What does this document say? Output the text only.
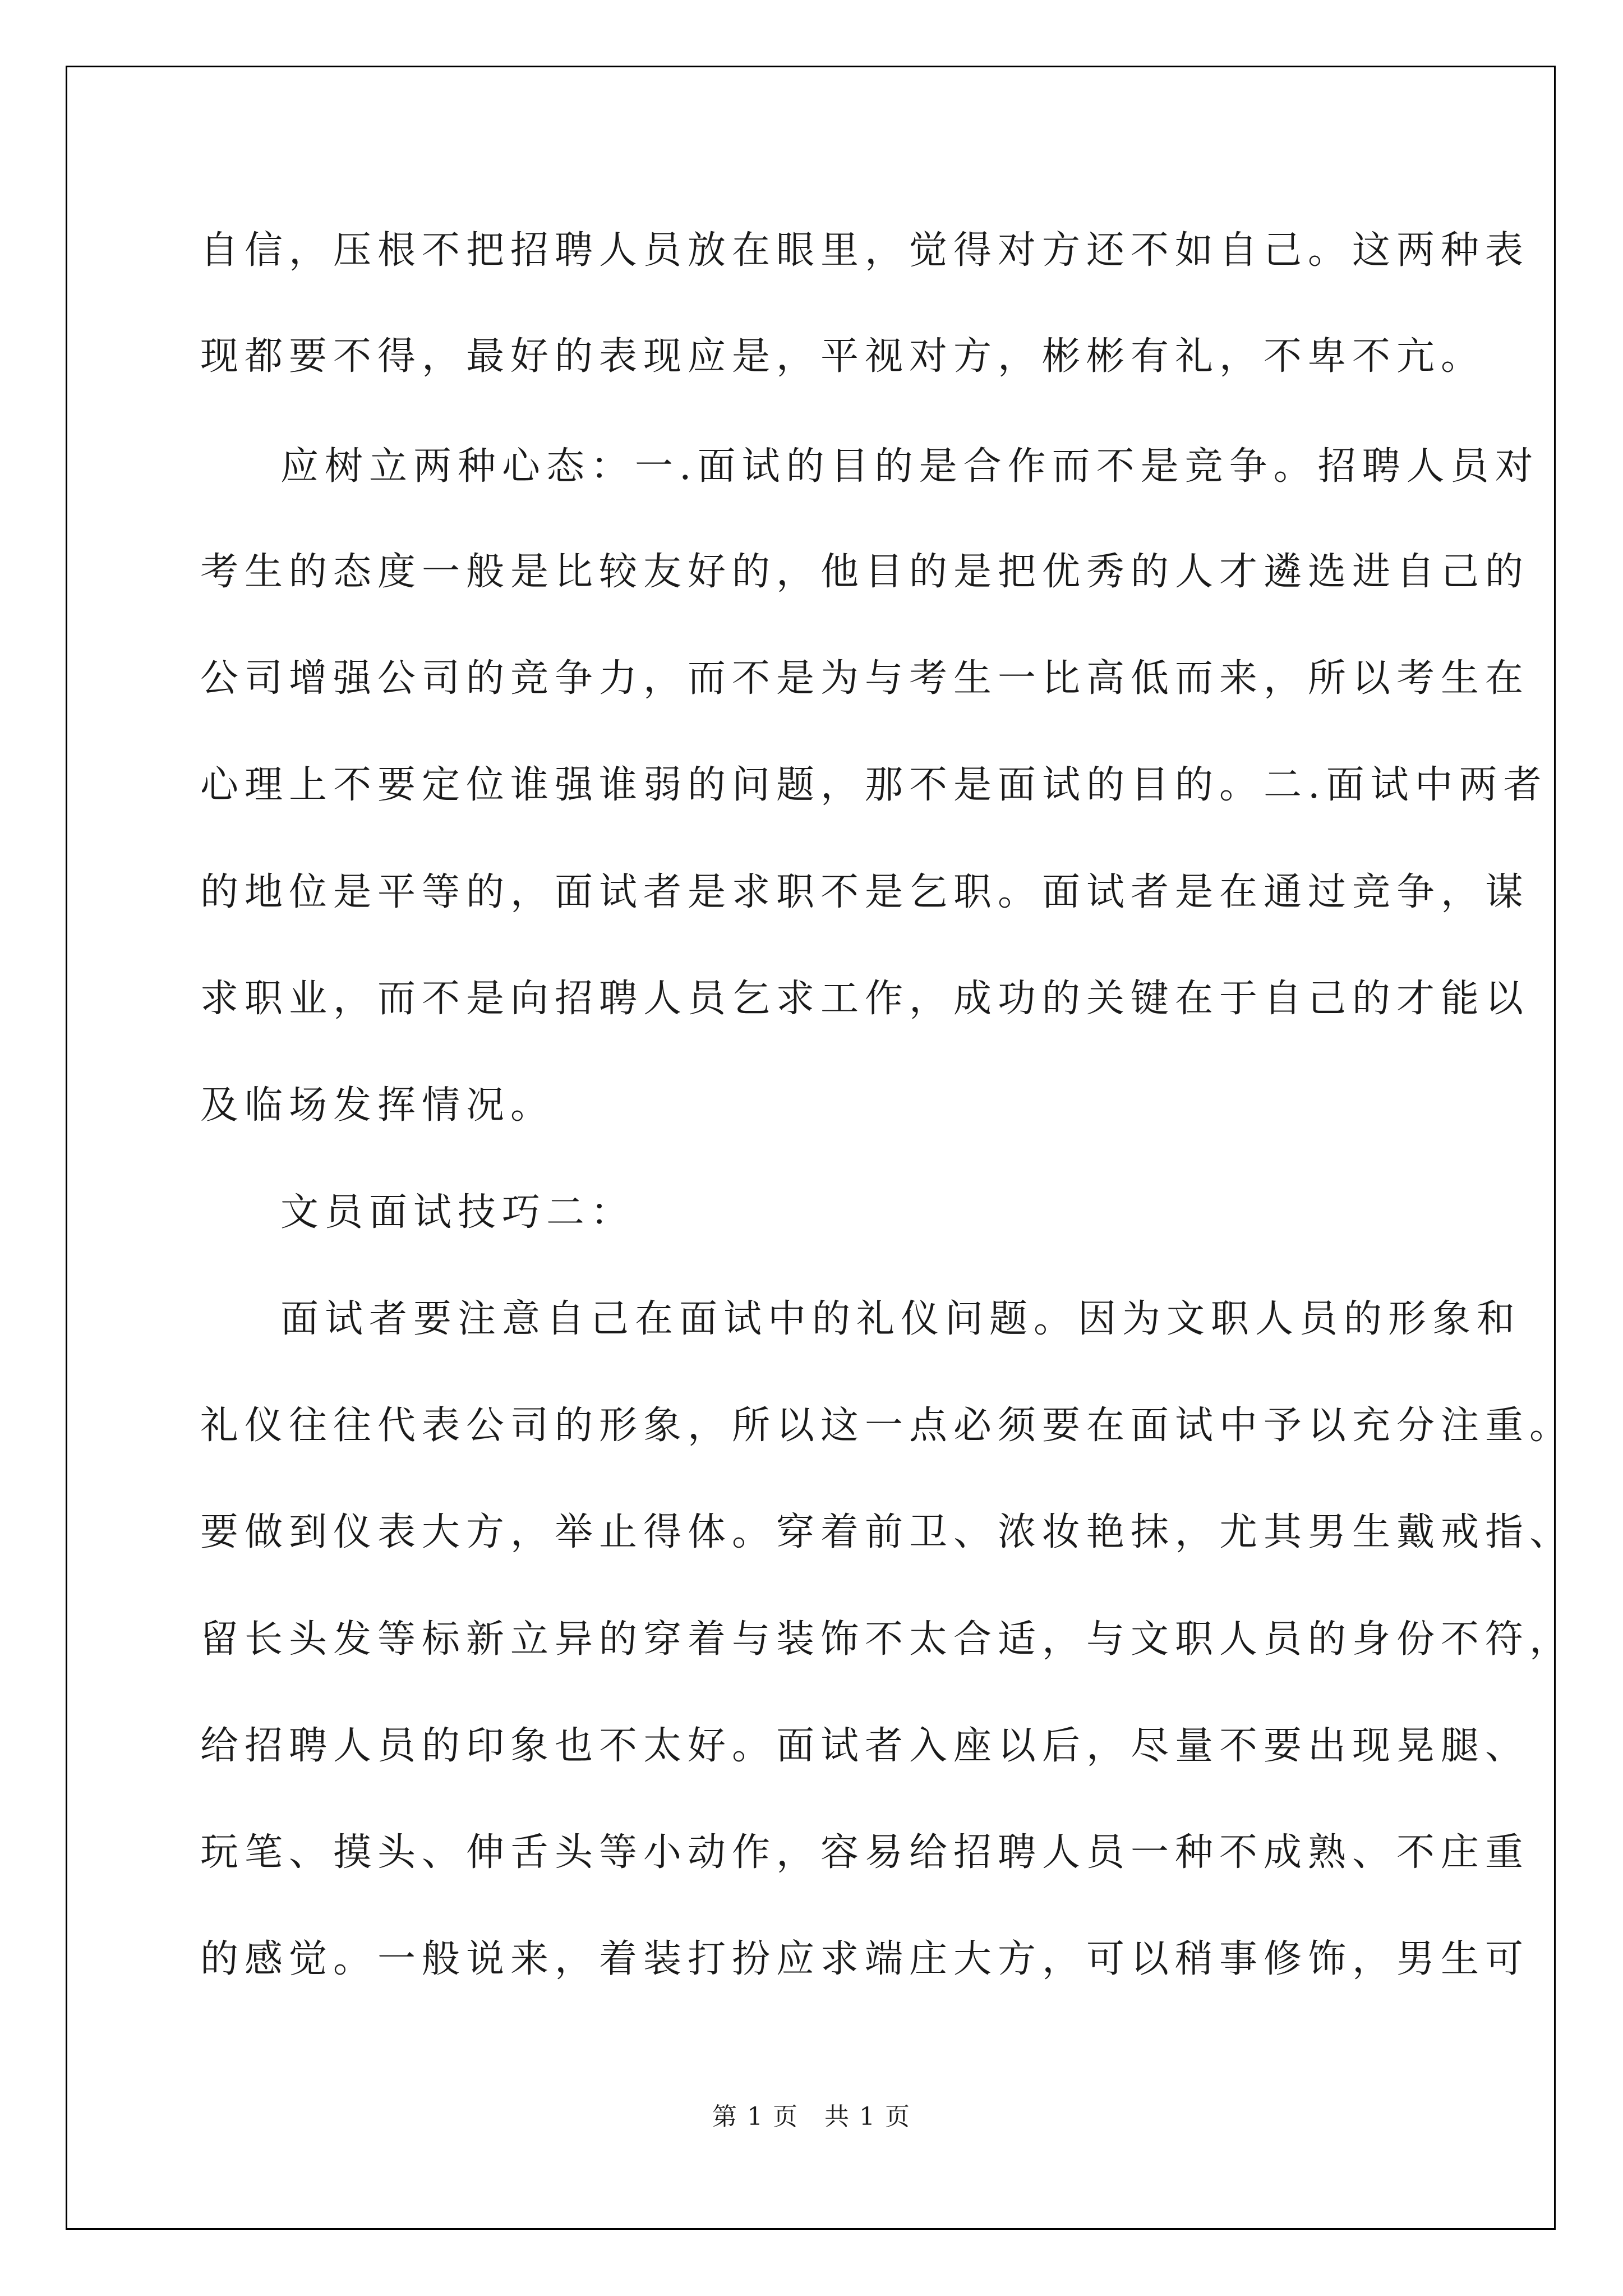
自信，压根不把招聘人员放在眼里，觉得对方还不如自己。这两种表
现都要不得，最好的表现应是，平视对方，彬彬有礼，不卑不亢。
应树立两种心态：一.面试的目的是合作而不是竞争。招聘人员对
考生的态度一般是比较友好的，他目的是把优秀的人才遴选进自己的
公司增强公司的竞争力，而不是为与考生一比高低而来，所以考生在
心理上不要定位谁强谁弱的问题，那不是面试的目的。二.面试中两者
的地位是平等的，面试者是求职不是乞职。面试者是在通过竞争，谋
求职业，而不是向招聘人员乞求工作，成功的关键在于自己的才能以
及临场发挥情况。
文员面试技巧二：
面试者要注意自己在面试中的礼仪问题。因为文职人员的形象和
礼仪往往代表公司的形象，所以这一点必须要在面试中予以充分注重。
要做到仪表大方，举止得体。穿着前卫、浓妆艳抹，尤其男生戴戒指、
留长头发等标新立异的穿着与装饰不太合适，与文职人员的身份不符，
给招聘人员的印象也不太好。面试者入座以后，尽量不要出现晃腿、
玩笔、摸头、伸舌头等小动作，容易给招聘人员一种不成熟、不庄重
的感觉。一般说来，着装打扮应求端庄大方，可以稍事修饰，男生可
第 1 页　共 1 页
